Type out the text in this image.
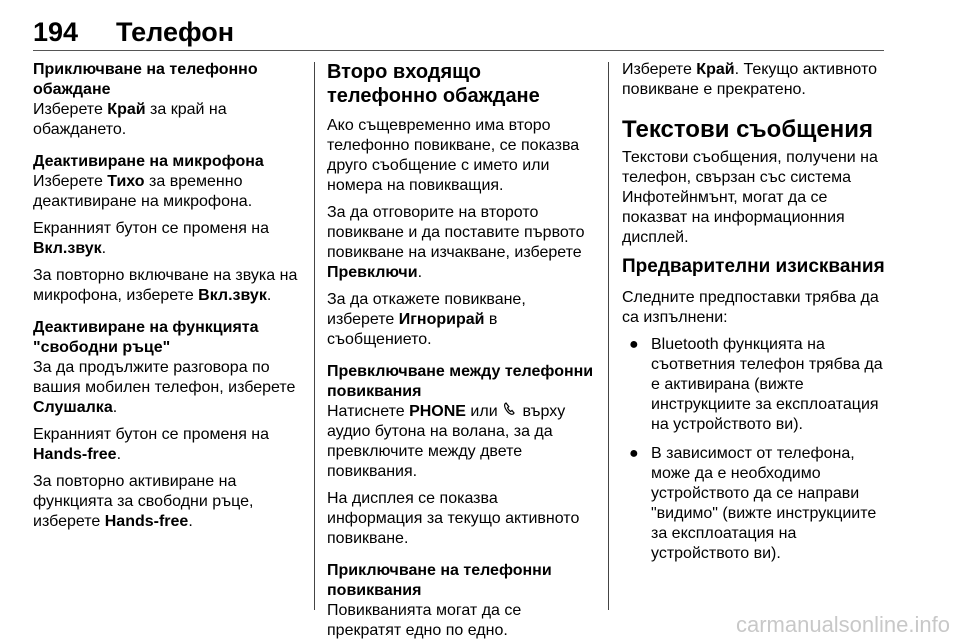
194 Телефон

Приключване на телефонно обаждане

Изберете Край за край на обаждането.

Деактивиране на микрофона

Изберете Тихо за временно деактивиране на микрофона.

Екранният бутон се променя на Вкл.звук.

За повторно включване на звука на микрофона, изберете Вкл.звук.

Деактивиране на функцията "свободни ръце"

За да продължите разговора по вашия мобилен телефон, изберете Слушалка.

Екранният бутон се променя на Hands-free.

За повторно активиране на функцията за свободни ръце, изберете Hands-free.

Второ входящо телефонно обаждане

Ако същевременно има второ телефонно повикване, се показва друго съобщение с името или номера на повикващия.

За да отговорите на второто повикване и да поставите първото повикване на изчакване, изберете Превключи.

За да откажете повикване, изберете Игнорирай в съобщението.

Превключване между телефонни повиквания

Натиснете PHONE или  върху аудио бутона на волана, за да превключите между двете повиквания.

На дисплея се показва информация за текущо активното повикване.

Приключване на телефонни повиквания

Повикванията могат да се прекратят едно по едно.

Изберете Край. Текущо активното повикване е прекратено.

Текстови съобщения

Текстови съобщения, получени на телефон, свързан със система Инфотейнмънт, могат да се показват на информационния дисплей.

Предварителни изисквания

Следните предпоставки трябва да са изпълнени:

● Bluetooth функцията на съответния телефон трябва да е активирана (вижте инструкциите за експлоатация на устройството ви).
● В зависимост от телефона, може да е необходимо устройството да се направи "видимо" (вижте инструкциите за експлоатация на устройството ви).
carmanualsonline.info
